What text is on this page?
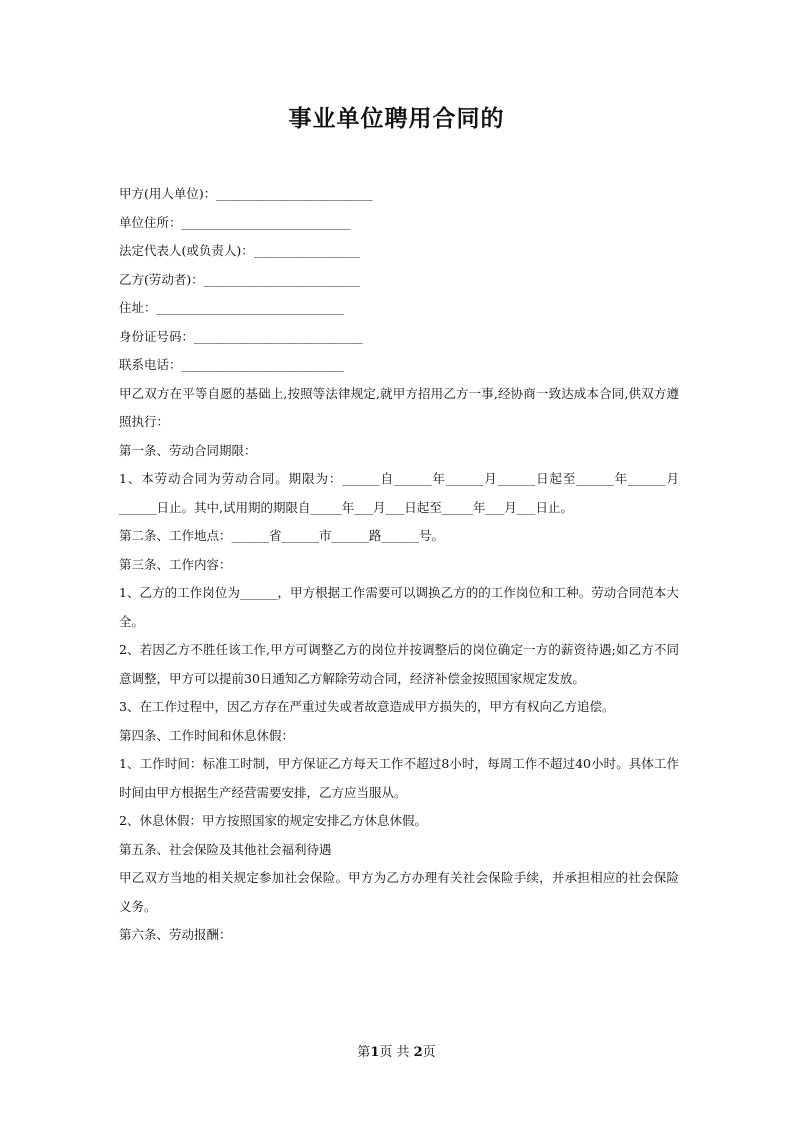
事业单位聘用合同的

甲方(用人单位)：_________________________

单位住所：___________________________

法定代表人(或负责人)：_________________

乙方(劳动者)：_________________________

住址：______________________________

身份证号码：___________________________

联系电话：__________________________

甲乙双方在平等自愿的基础上,按照等法律规定,就甲方招用乙方一事,经协商一致达成本合同,供双方遵照执行：

第一条、劳动合同期限：

1、本劳动合同为劳动合同。期限为：______自______年______月______日起至______年______月______日止。其中,试用期的期限自_____年___月___日起至_____年___月___日止。

第二条、工作地点：______省______市______路______号。

第三条、工作内容：

1、乙方的工作岗位为______，甲方根据工作需要可以调换乙方的的工作岗位和工种。劳动合同范本大全。

2、若因乙方不胜任该工作,甲方可调整乙方的岗位并按调整后的岗位确定一方的薪资待遇;如乙方不同意调整，甲方可以提前30日通知乙方解除劳动合同，经济补偿金按照国家规定发放。

3、在工作过程中，因乙方存在严重过失或者故意造成甲方损失的，甲方有权向乙方追偿。

第四条、工作时间和休息休假：

1、工作时间：标准工时制，甲方保证乙方每天工作不超过8小时，每周工作不超过40小时。具体工作时间由甲方根据生产经营需要安排，乙方应当服从。

2、休息休假：甲方按照国家的规定安排乙方休息休假。

第五条、社会保险及其他社会福利待遇

甲乙双方当地的相关规定参加社会保险。甲方为乙方办理有关社会保险手续，并承担相应的社会保险义务。

第六条、劳动报酬：

第1页 共 2页
